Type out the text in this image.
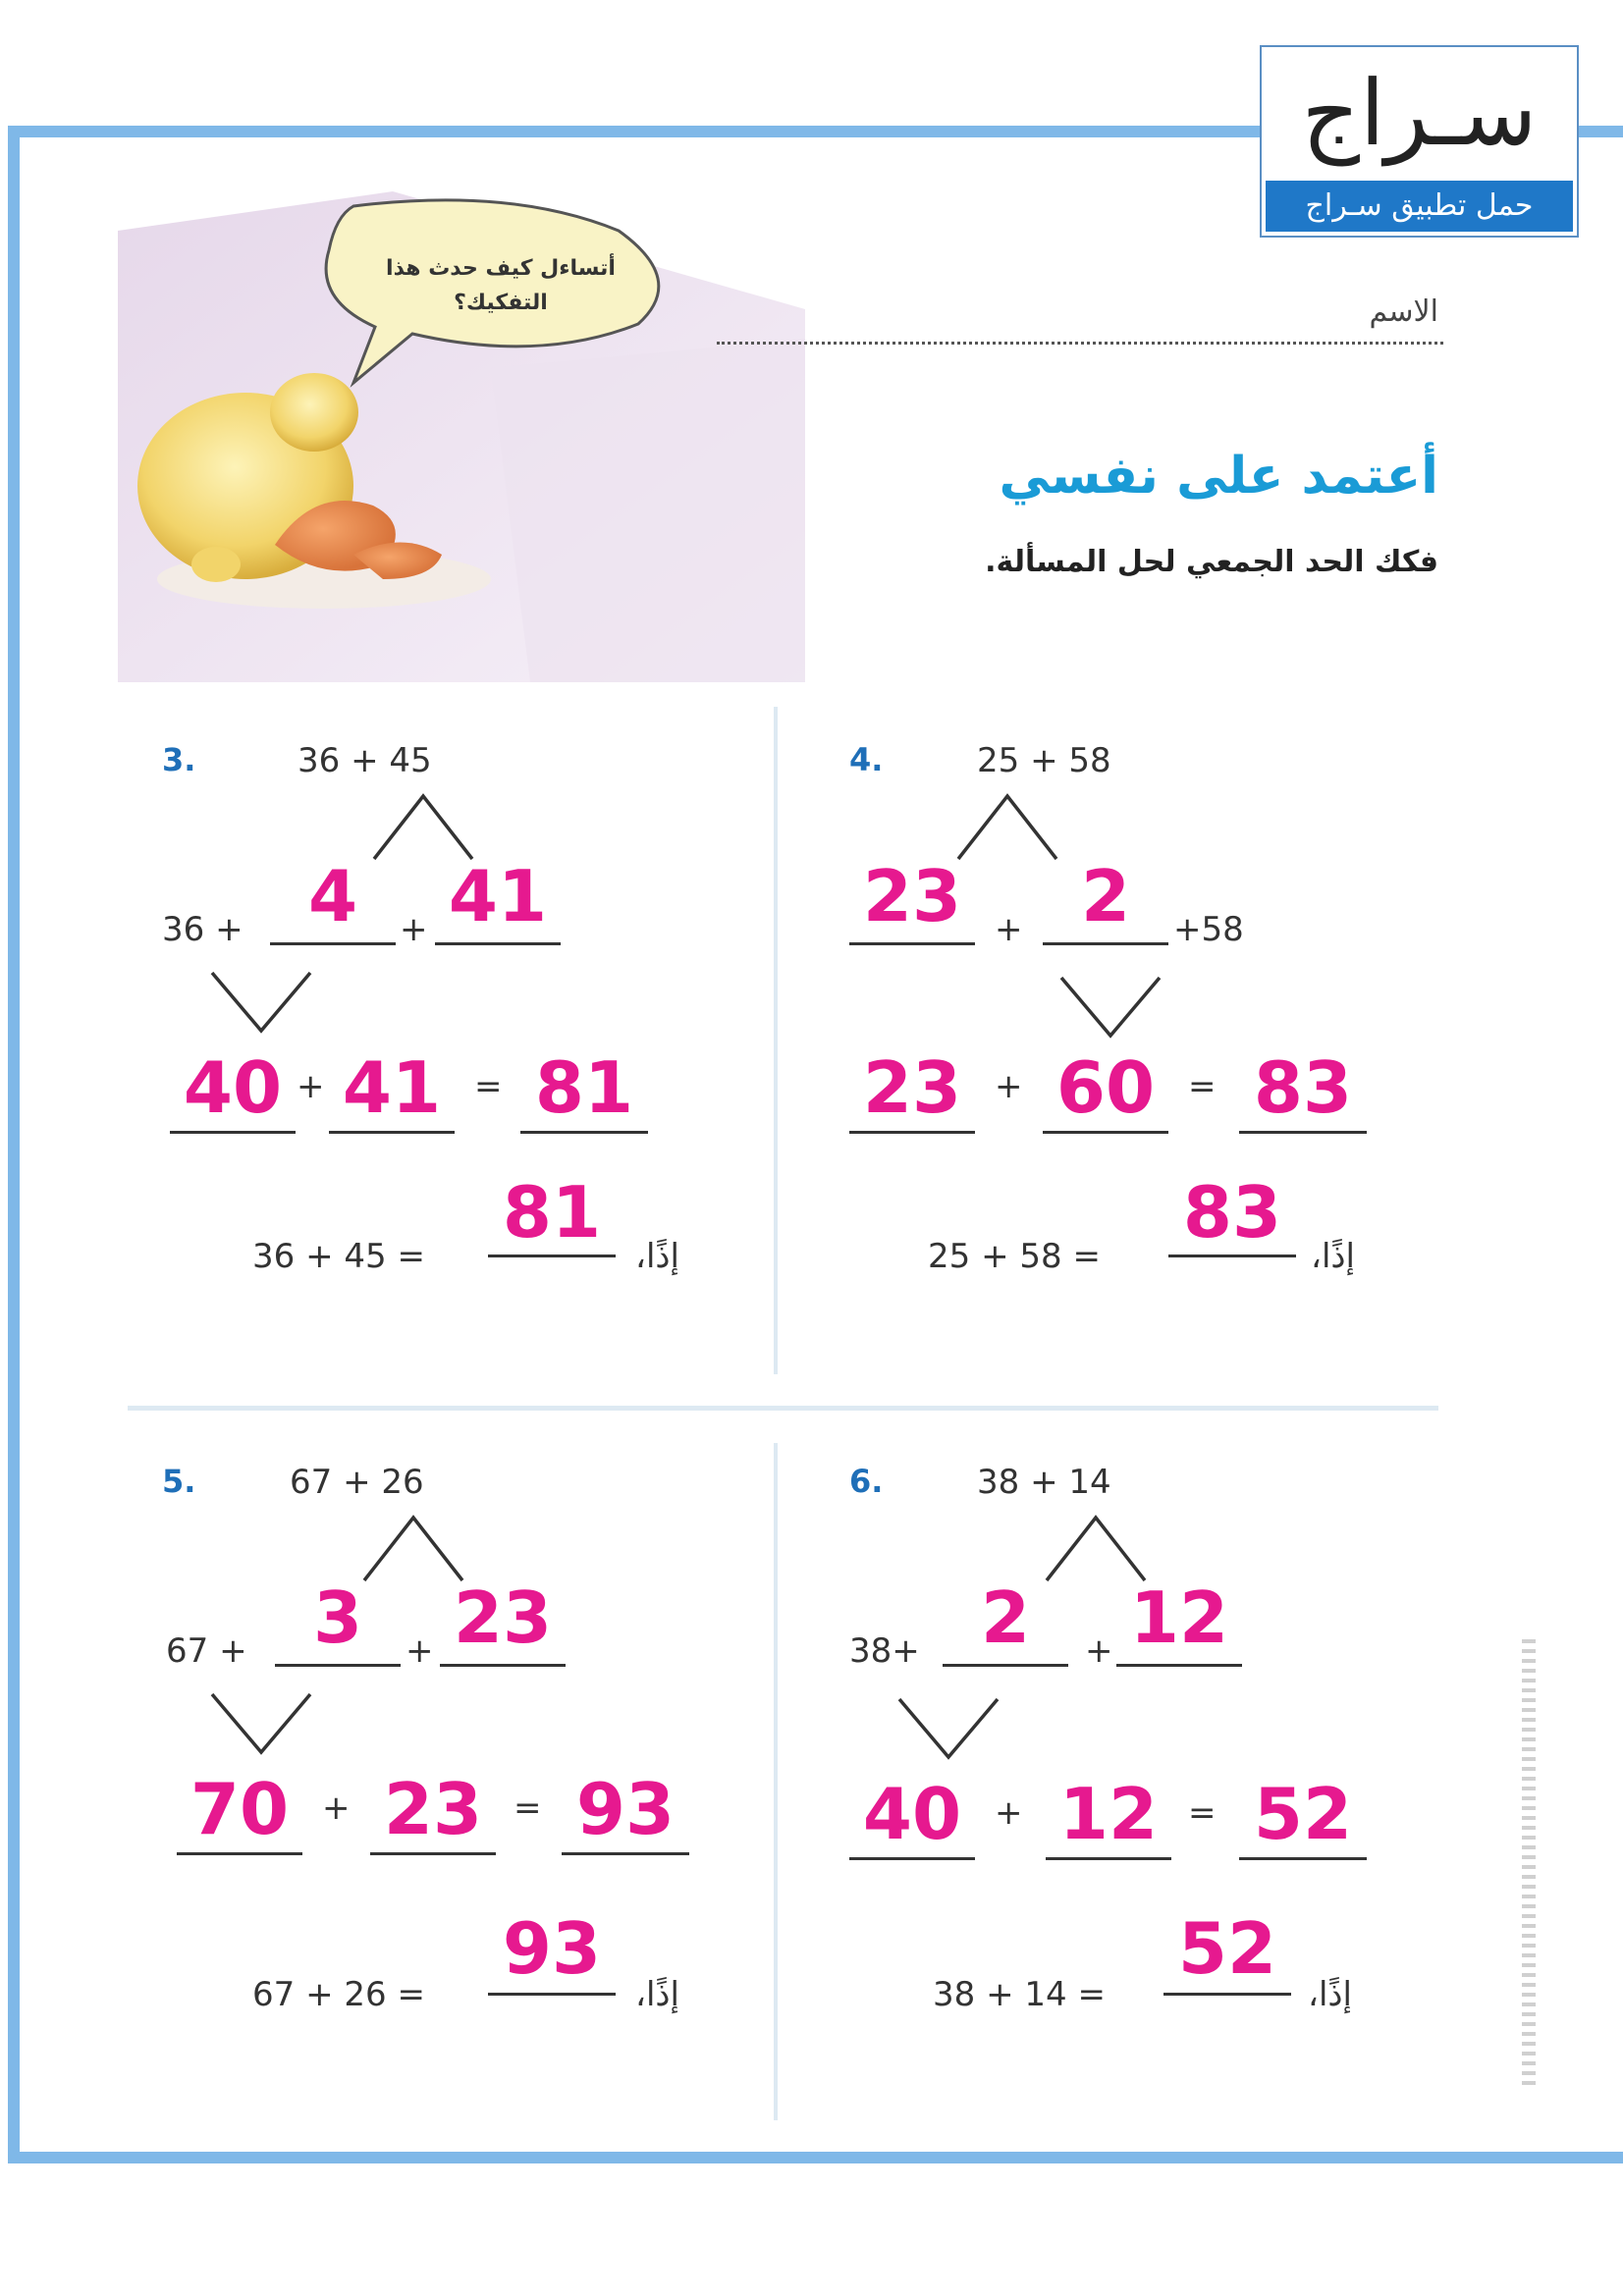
سـراج
حمل تطبيق سـراج
أتساءل كيف حدث هذا
التفكيك؟	الاسم
أعتمد على نفسي
فكك الحد الجمعي لحل المسألة.
3.	36 + 45
36 + 4	+ 41
40 + 41 = 81
36 + 45 =
81
إذًا،
4.	25 + 58
23 + 2	+58
23 + 60 = 83
25 + 58 =
83
إذًا،
5.	67 + 26
67 + 3	+ 23
70 + 23 = 93
67 + 26 =
93
إذًا،
6.	38 + 14
38+ 2	+ 12
40 + 12 = 52
38 + 14 =
52
إذًا،
